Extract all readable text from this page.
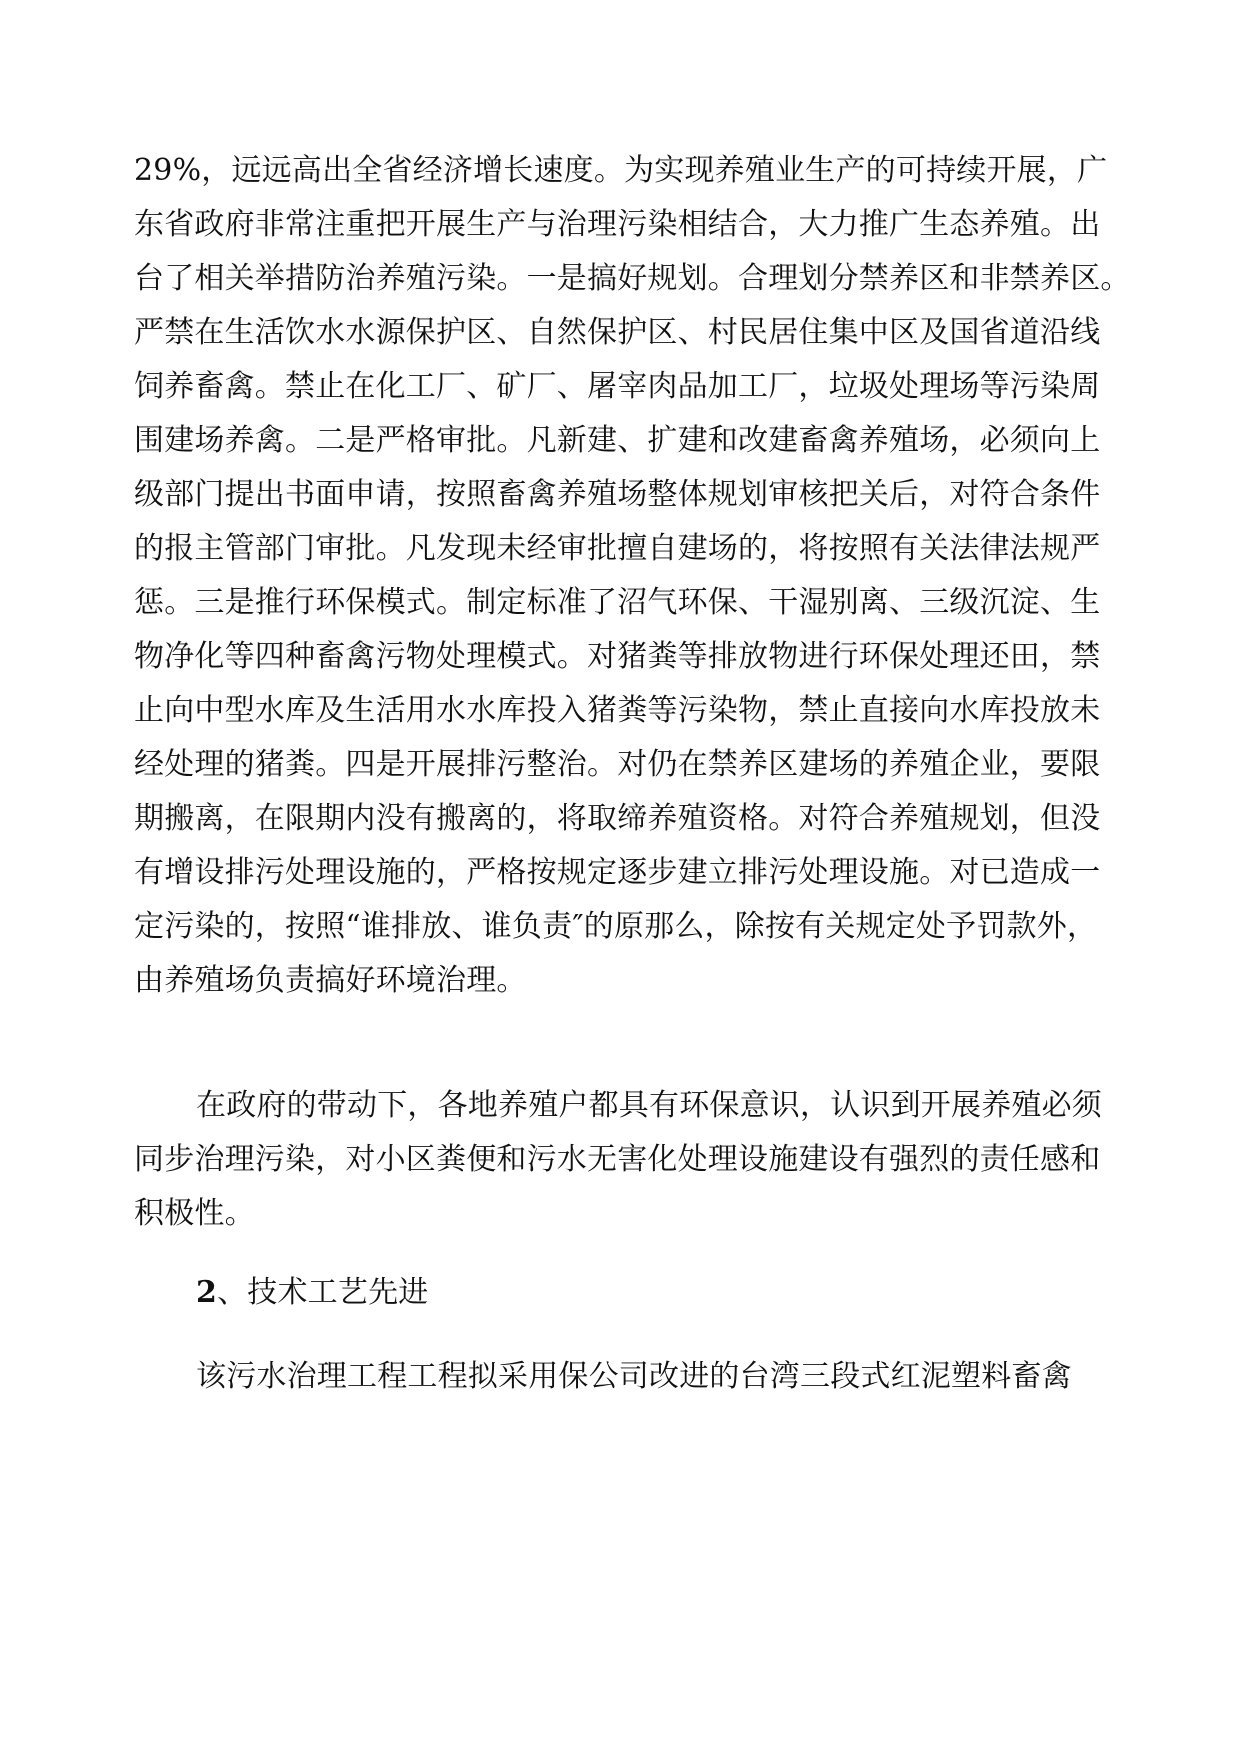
29%，远远高出全省经济增长速度。为实现养殖业生产的可持续开展，广
东省政府非常注重把开展生产与治理污染相结合，大力推广生态养殖。出
台了相关举措防治养殖污染。一是搞好规划。合理划分禁养区和非禁养区。
严禁在生活饮水水源保护区、自然保护区、村民居住集中区及国省道沿线
饲养畜禽。禁止在化工厂、矿厂、屠宰肉品加工厂，垃圾处理场等污染周
围建场养禽。二是严格审批。凡新建、扩建和改建畜禽养殖场，必须向上
级部门提出书面申请，按照畜禽养殖场整体规划审核把关后，对符合条件
的报主管部门审批。凡发现未经审批擅自建场的，将按照有关法律法规严
惩。三是推行环保模式。制定标准了沼气环保、干湿别离、三级沉淀、生
物净化等四种畜禽污物处理模式。对猪粪等排放物进行环保处理还田，禁
止向中型水库及生活用水水库投入猪粪等污染物，禁止直接向水库投放未
经处理的猪粪。四是开展排污整治。对仍在禁养区建场的养殖企业，要限
期搬离，在限期内没有搬离的，将取缔养殖资格。对符合养殖规划，但没
有增设排污处理设施的，严格按规定逐步建立排污处理设施。对已造成一
定污染的，按照“谁排放、谁负责″的原那么，除按有关规定处予罚款外，
由养殖场负责搞好环境治理。
在政府的带动下，各地养殖户都具有环保意识，认识到开展养殖必须
同步治理污染，对小区粪便和污水无害化处理设施建设有强烈的责任感和
积极性。
2、技术工艺先进
该污水治理工程工程拟采用保公司改进的台湾三段式红泥塑料畜禽
